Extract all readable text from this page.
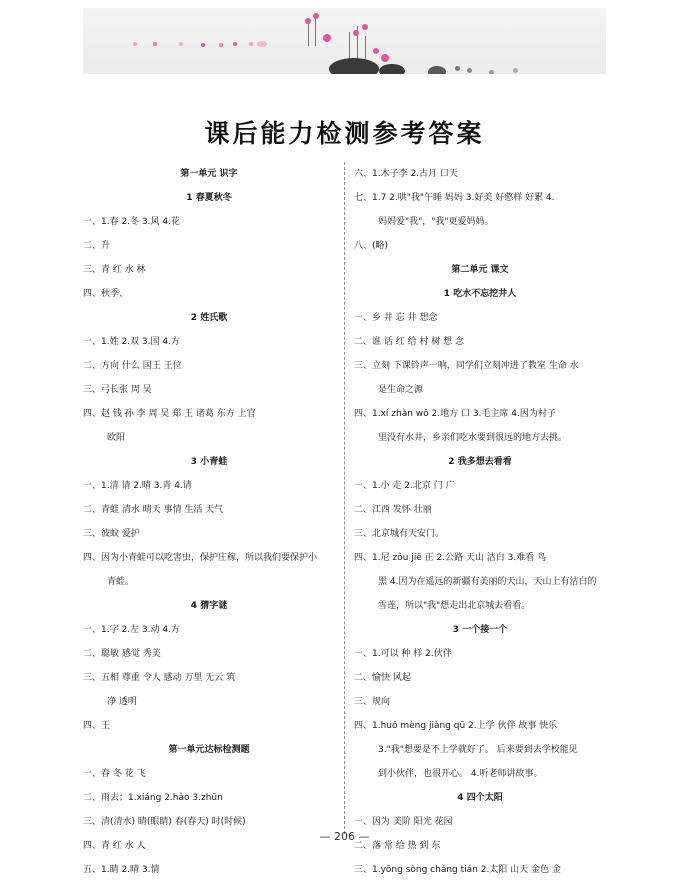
课后能力检测参考答案
第一单元 识字
1 春夏秋冬
一、1.春 2.冬 3.风 4.花
二、升
三、青 红 水 林
四、秋季、
2 姓氏歌
一、1.姓 2.双 3.国 4.方
二、方向 什么 国王 王位
三、弓长张 周 吴
四、赵 钱 孙 李 周 吴 郑 王 诸葛 东方 上官
欧阳
3 小青蛙
一、1.清 请 2.晴 3.青 4.请
二、青蛙 清水 晴天 事情 生活 天气
三、彼蚊 爱护
四、因为小青蛙可以吃害虫，保护庄稼，所以我们要保护小
青蛙。
4 猜字谜
一、1.字 2.左 3.动 4.方
二、聪敏 感觉 秀美
三、五相 尊重 令人 感动 万里 无云 筑
净 透明
四、王
第一单元达标检测题
一、春 冬 花 飞
二、雨去；1.xiáng 2.hǎo 3.zhūn
三、清(清水) 睛(眼睛) 春(春天) 时(时候)
四、青 红 水 人
五、1.睛 2.晴 3.情
六、1.木子李 2.古月 口天
七、1.7 2.哄"我"午睡 妈妈 3.好美 好憨样 好累 4.
妈妈爱"我"，"我"更爱妈妈。
八、(略)
第二单元 课文
1 吃水不忘挖井人
一、乡 井 忘 井 想念
二、谁 话 红 给 村 树 想 念
三、立刻 下课铃声一响，同学们立刻冲进了教室 生命 水
是生命之源
四、1.xí zhàn wǒ 2.地方 口 3.毛主席 4.因为村子
里没有水井，乡亲们吃水要到很远的地方去挑。
2 我多想去看看
一、1.小 走 2.北京 门 广
二、江西 发怀 壮丽
三、北京城有天安门。
四、1.尼 zǒu jiē 正 2.公路 天山 洁白 3.难看 鸟
黑 4.因为在遥远的新疆有美丽的天山，天山上有洁白的
雪莲，所以"我"想走出北京城去看看。
3 一个接一个
一、1.可以 种 样 2.伙伴
二、愉快 风起
三、规向
四、1.huǒ mèng jiàng qū 2.上学 伙伴 故事 快乐
3."我"想要是不上学就好了。 后来要到去学校能见
到小伙伴，也很开心。 4.听老师讲故事。
4 四个太阳
一、因为 美阶 阳光 花园
二、落 常 给 热 到 东
三、1.yǒng sòng cháng tián 2.太阳 山天 金色 金
— 206 —
